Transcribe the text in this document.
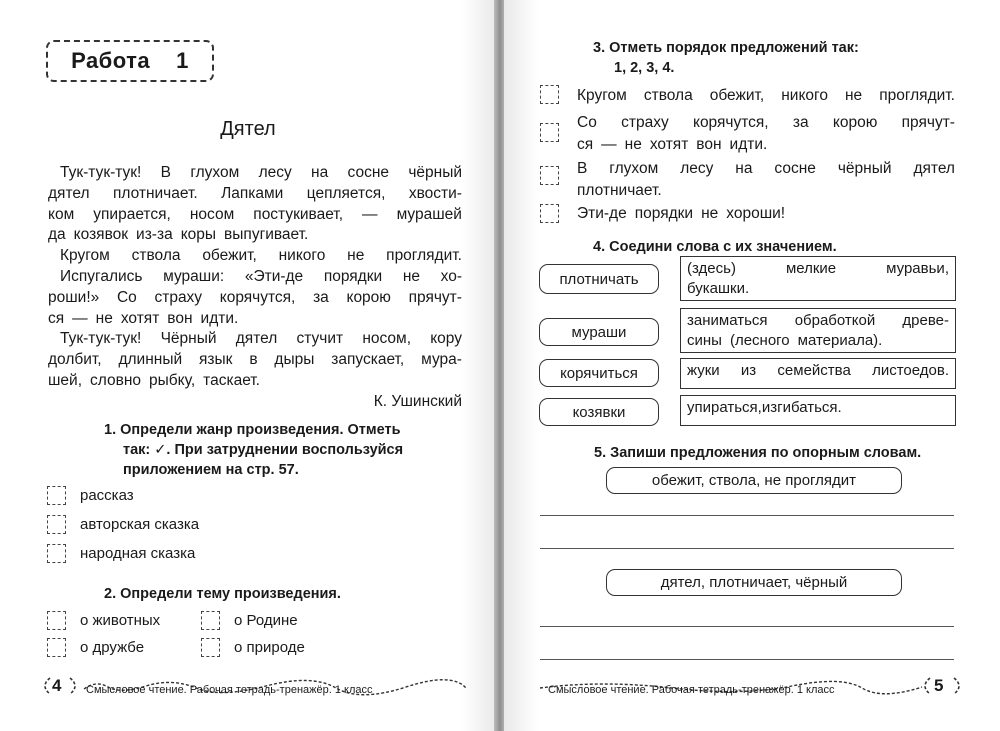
Работа 1
Дятел
Тук-тук-тук! В глухом лесу на сосне чёрный
дятел плотничает. Лапками цепляется, хвости-
ком упирается, носом постукивает, — мурашей
да козявок из-за коры выпугивает.
Кругом ствола обежит, никого не проглядит.
Испугались мураши: «Эти-де порядки не хо-
роши!» Со страху корячутся, за корою прячут-
ся — не хотят вон идти.
Тук-тук-тук! Чёрный дятел стучит носом, кору
долбит, длинный язык в дыры запускает, мура-
шей, словно рыбку, таскает.
К. Ушинский
1. Определи жанр произведения. Отметь
так: ✓. При затруднении воспользуйся
приложением на стр. 57.
рассказ
авторская сказка
народная сказка
2. Определи тему произведения.
о животных	о Родине
о дружбе	о природе
4 Смысловое чтение. Рабочая тетрадь-тренажёр. 1 класс
3. Отметь порядок предложений так:
1, 2, 3, 4.
Кругом ствола обежит, никого не проглядит.
Со страху корячутся, за корою прячут-
ся — не хотят вон идти.
В глухом лесу на сосне чёрный дятел
плотничает.
Эти-де порядки не хороши!
4. Соедини слова с их значением.
плотничать
мураши
корячиться
козявки
(здесь)	мелкие	муравьи,
букашки.
заниматься обработкой древе-
сины (лесного материала).
жуки из семейства листоедов.
упираться, изгибаться.
5. Запиши предложения по опорным словам.
обежит, ствола, не проглядит
дятел, плотничает, чёрный
Смысловое чтение. Рабочая тетрадь-тренажёр. 1 класс	5
